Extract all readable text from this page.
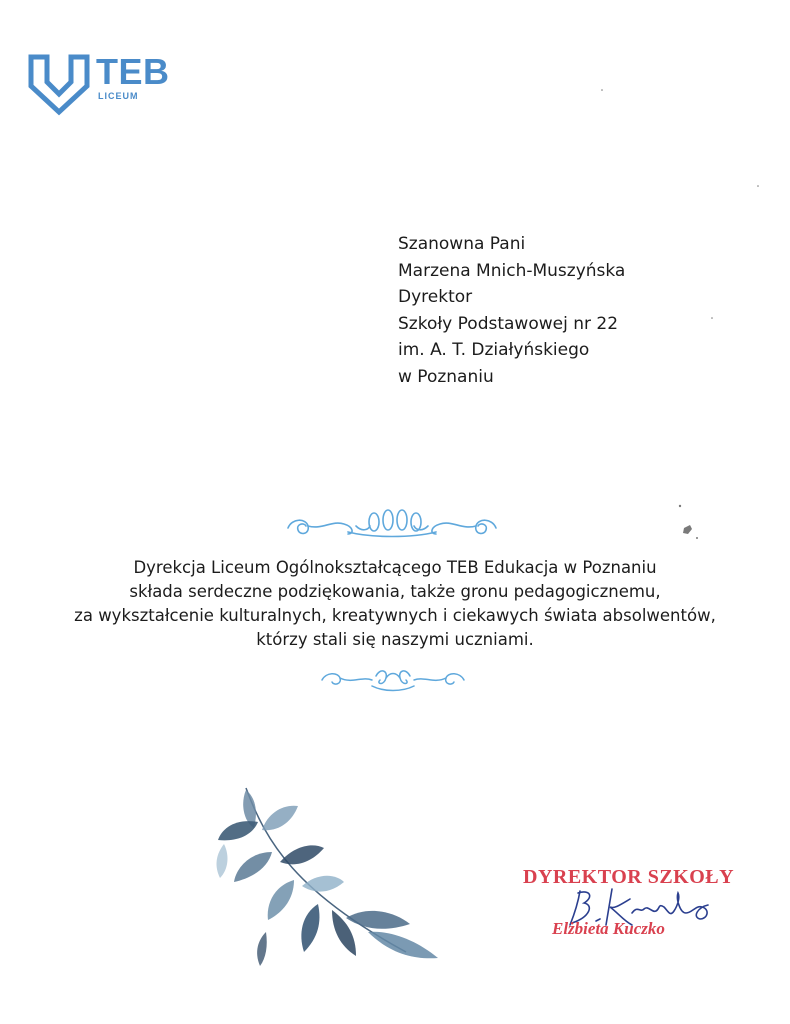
TEB
LICEUM
Szanowna Pani
Marzena Mnich-Muszyńska
Dyrektor
Szkoły Podstawowej nr 22
im. A. T. Działyńskiego
w Poznaniu
Dyrekcja Liceum Ogólnokształcącego TEB Edukacja w Poznaniu
składa serdeczne podziękowania, także gronu pedagogicznemu,
za wykształcenie kulturalnych, kreatywnych i ciekawych świata absolwentów,
którzy stali się naszymi uczniami.
DYREKTOR SZKOŁY
Elżbieta Kuczko
